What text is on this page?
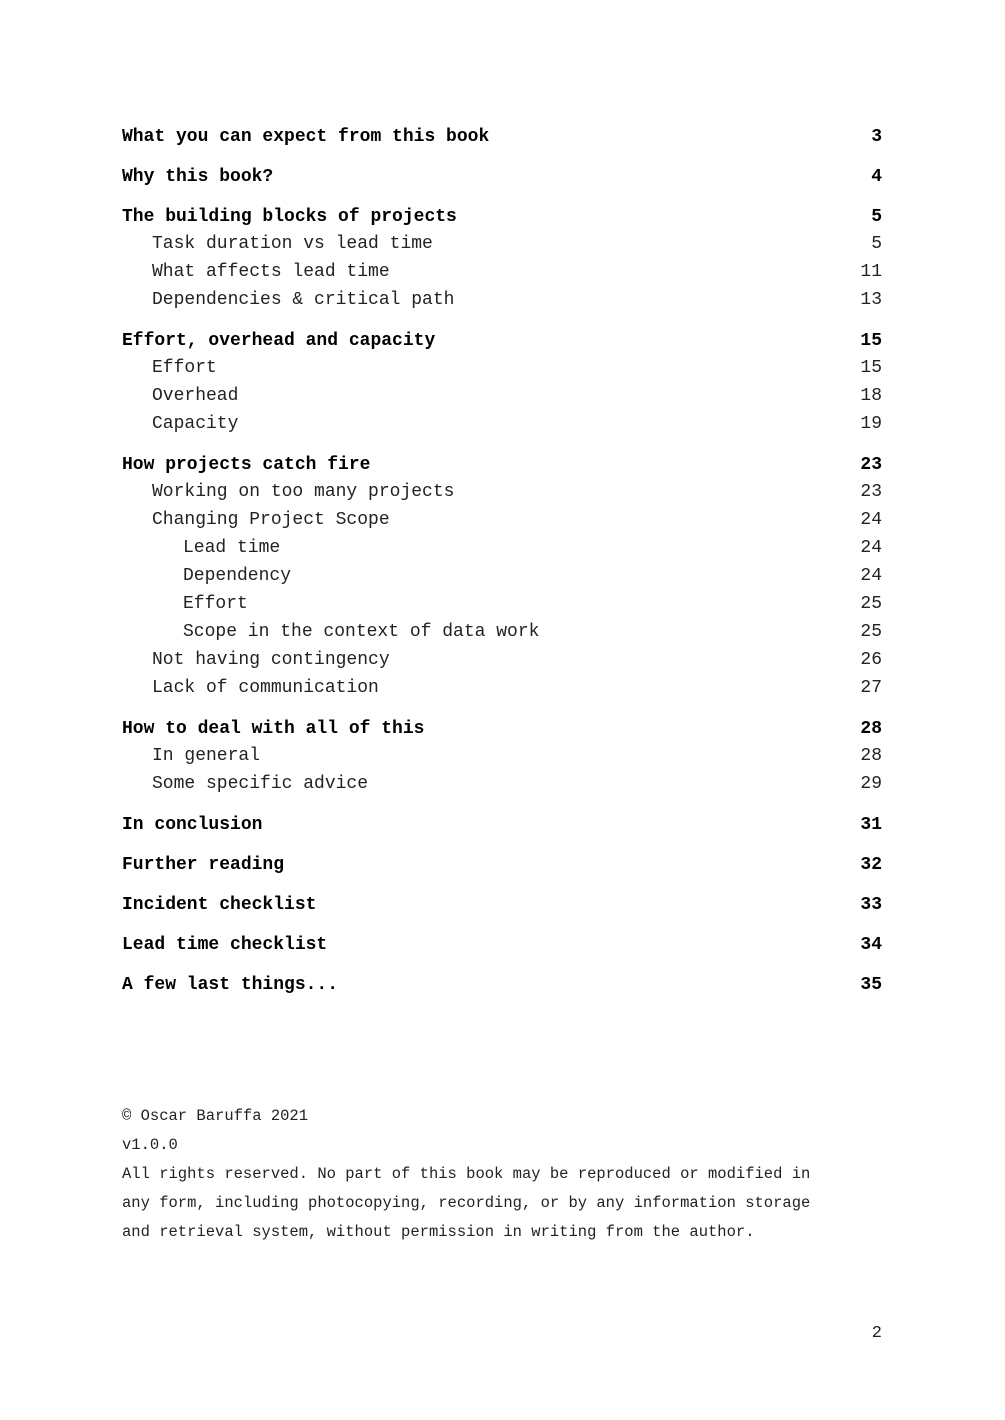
What you can expect from this book	3
Why this book?	4
The building blocks of projects	5
Task duration vs lead time	5
What affects lead time	11
Dependencies & critical path	13
Effort, overhead and capacity	15
Effort	15
Overhead	18
Capacity	19
How projects catch fire	23
Working on too many projects	23
Changing Project Scope	24
Lead time	24
Dependency	24
Effort	25
Scope in the context of data work	25
Not having contingency	26
Lack of communication	27
How to deal with all of this	28
In general	28
Some specific advice	29
In conclusion	31
Further reading	32
Incident checklist	33
Lead time checklist	34
A few last things...	35
© Oscar Baruffa 2021
v1.0.0
All rights reserved. No part of this book may be reproduced or modified in
any form, including photocopying, recording, or by any information storage
and retrieval system, without permission in writing from the author.
2
